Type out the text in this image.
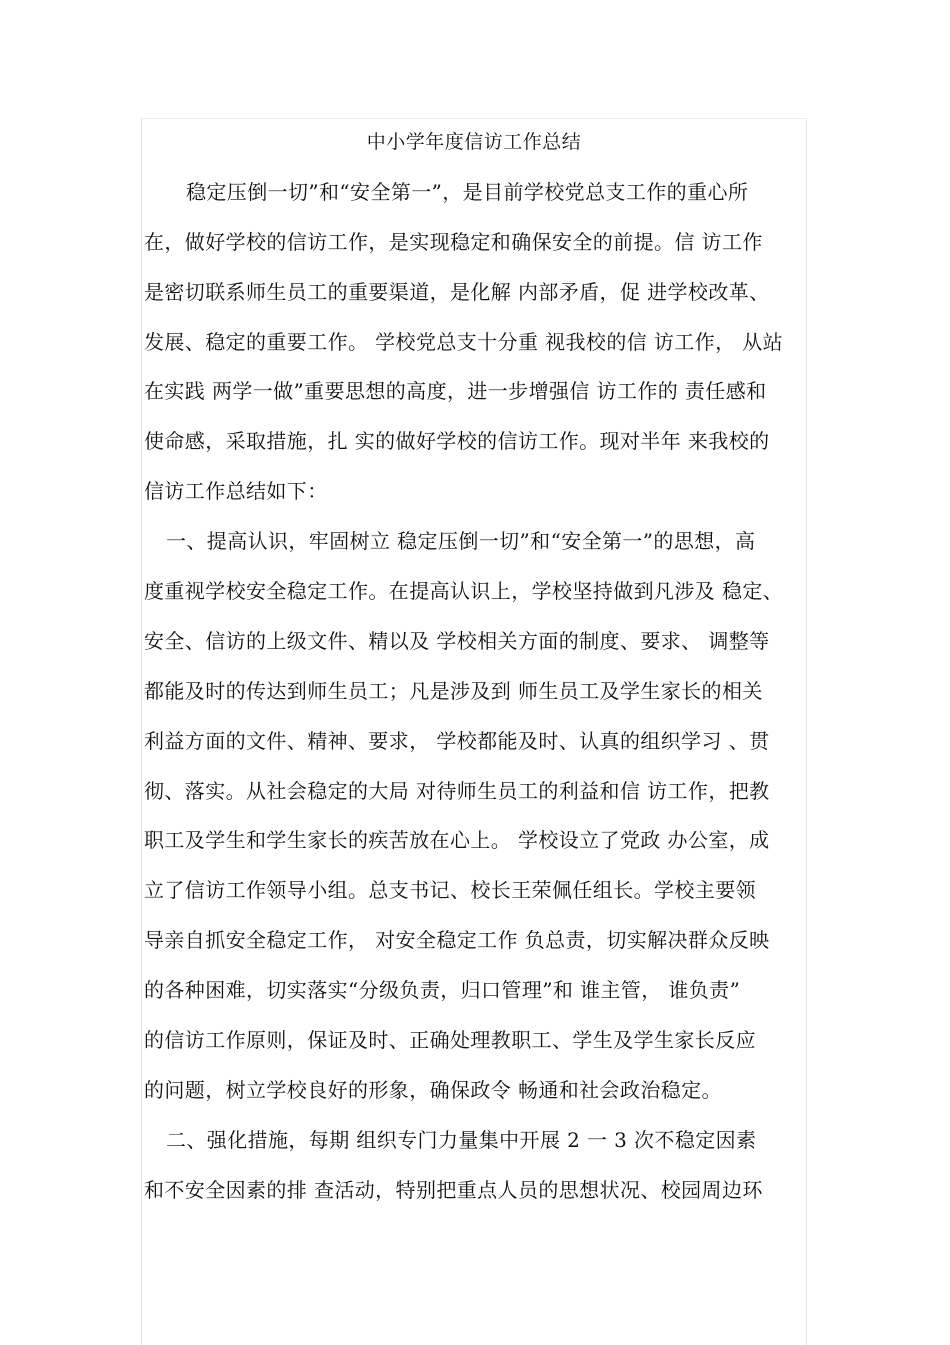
中小学年度信访工作总结
稳定压倒一切”和“安全第一”，是目前学校党总支工作的重心所
在，做好学校的信访工作，是实现稳定和确保安全的前提。信 访工作
是密切联系师生员工的重要渠道，是化解 内部矛盾，促 进学校改革、
发展、稳定的重要工作。 学校党总支十分重 视我校的信 访工作， 从站
在实践 两学一做”重要思想的高度，进一步增强信 访工作的 责任感和
使命感，采取措施，扎 实的做好学校的信访工作。现对半年 来我校的
信访工作总结如下：
一、提高认识，牢固树立 稳定压倒一切”和“安全第一”的思想，高
度重视学校安全稳定工作。在提高认识上，学校坚持做到凡涉及 稳定、
安全、信访的上级文件、精以及 学校相关方面的制度、要求、 调整等
都能及时的传达到师生员工；凡是涉及到 师生员工及学生家长的相关
利益方面的文件、精神、要求， 学校都能及时、认真的组织学习 、贯
彻、落实。从社会稳定的大局 对待师生员工的利益和信 访工作，把教
职工及学生和学生家长的疾苦放在心上。 学校设立了党政 办公室，成
立了信访工作领导小组。总支书记、校长王荣佩任组长。学校主要领
导亲自抓安全稳定工作， 对安全稳定工作 负总责，切实解决群众反映
的各种困难，切实落实“分级负责，归口管理”和 谁主管， 谁负责”
的信访工作原则，保证及时、正确处理教职工、学生及学生家长反应
的问题，树立学校良好的形象，确保政令 畅通和社会政治稳定。
二、强化措施，每期 组织专门力量集中开展 2 一 3 次不稳定因素
和不安全因素的排 查活动，特别把重点人员的思想状况、校园周边环
